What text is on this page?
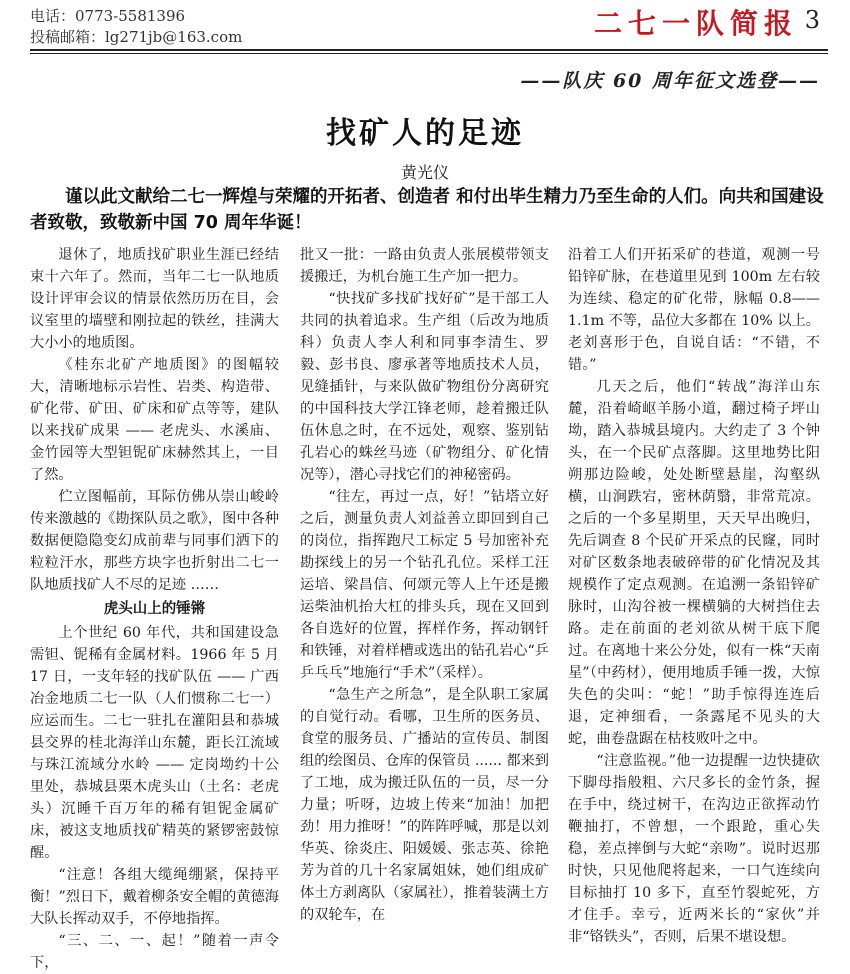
电话：0773-5581396
投稿邮箱：lg271jb@163.com	二七一队简报 3
——队庆 60 周年征文选登——
找矿人的足迹
黄光仪
谨以此文献给二七一辉煌与荣耀的开拓者、创造者 和付出毕生精力乃至生命的人们。向共和国建设者致敬，致敬新中国 70 周年华诞！

退休了，地质找矿职业生涯已经结束十六年了。然而，当年二七一队地质设计评审会议的情景依然历历在目，会议室里的墙壁和刚拉起的铁丝，挂满大大小小的地质图。

《桂东北矿产地质图》的图幅较大，清晰地标示岩性、岩类、构造带、矿化带、矿田、矿床和矿点等等，建队以来找矿成果 —— 老虎头、水溪庙、金竹园等大型钽铌矿床赫然其上，一目了然。

伫立图幅前，耳际仿佛从崇山峻岭传来激越的《勘探队员之歌》，图中各种数据便隐隐变幻成前辈与同事们洒下的粒粒汗水，那些方块字也折射出二七一队地质找矿人不尽的足迹 ……

虎头山上的锤锵

上个世纪 60 年代，共和国建设急需钽、铌稀有金属材料。1966 年 5 月 17 日，一支年轻的找矿队伍 —— 广西冶金地质二七一队（人们惯称二七一）应运而生。二七一驻扎在灌阳县和恭城县交界的桂北海洋山东麓，距长江流域与珠江流域分水岭 —— 定岗坳约十公里处，恭城县栗木虎头山（土名：老虎头）沉睡千百万年的稀有钽铌金属矿床，被这支地质找矿精英的紧锣密鼓惊醒。

“注意！各组大缆绳绷紧，保持平衡！”烈日下，戴着柳条安全帽的黄德海大队长挥动双手，不停地指挥。

“三、二、一、起！”随着一声令下，

批又一批：一路由负责人张展模带领支援搬迁，为机台施工生产加一把力。

“快找矿多找矿找好矿”是干部工人共同的执着追求。生产组（后改为地质科）负责人李人利和同事李清生、罗毅、彭书良、廖承著等地质技术人员，见缝插针，与来队做矿物组份分离研究的中国科技大学江锋老师，趁着搬迁队伍休息之时，在不远处，观察、鉴别钻孔岩心的蛛丝马迹（矿物组分、矿化情况等），潜心寻找它们的神秘密码。

“往左，再过一点，好！”钻塔立好之后，测量负责人刘益善立即回到自己的岗位，指挥跑尺工标定 5 号加密补充勘探线上的另一个钻孔孔位。采样工汪运培、梁昌信、何颂元等人上午还是搬运柴油机抬大杠的排头兵，现在又回到各自选好的位置，挥样作务，挥动钢钎和铁锤，对着样槽或选出的钻孔岩心“乒乒乓乓”地施行“手术”（采样）。

“急生产之所急”，是全队职工家属的自觉行动。看哪，卫生所的医务员、食堂的服务员、广播站的宣传员、制图组的绘图员、仓库的保管员 ...... 都来到了工地，成为搬迁队伍的一员，尽一分力量；听呀，边坡上传来“加油！加把劲！用力推呀！”的阵阵呼喊，那是以刘华英、徐炎庄、阳媛媛、张志英、徐艳芳为首的几十名家属姐妹，她们组成矿体土方剥离队（家属社），推着装满土方的双轮车，在

沿着工人们开拓采矿的巷道，观测一号铅锌矿脉，在巷道里见到 100m 左右较为连续、稳定的矿化带，脉幅 0.8——1.1m 不等，品位大多都在 10% 以上。老刘喜形于色，自说自话：“不错，不错。”

几天之后，他们“转战”海洋山东麓，沿着崎岖羊肠小道，翻过椅子坪山坳，踏入恭城县境内。大约走了 3 个钟头，在一个民矿点落脚。这里地势比阳朔那边险峻，处处断壁悬崖，沟壑纵横，山涧跌宕，密林荫翳，非常荒凉。之后的一个多星期里，天天早出晚归，先后调查 8 个民矿开采点的民窿，同时对矿区数条地表破碎带的矿化情况及其规模作了定点观测。在追溯一条铅锌矿脉时，山沟谷被一棵横躺的大树挡住去路。走在前面的老刘欲从树干底下爬过。在离地十来公分处，似有一株“天南星”（中药材），便用地质手锤一拨，大惊失色的尖叫：“蛇！”助手惊得连连后退，定神细看，一条露尾不见头的大蛇，曲卷盘踞在枯枝败叶之中。

“注意监视。”他一边提醒一边快捷砍下脚母指般粗、六尺多长的金竹条，握在手中，绕过树干，在沟边正欲挥动竹鞭抽打，不曾想，一个跟跄，重心失稳，差点摔倒与大蛇“亲吻”。说时迟那时快，只见他爬将起来，一口气连续向目标抽打 10 多下，直至竹裂蛇死，方才住手。幸亏，近两米长的“家伙”并非“铬铁头”，否则，后果不堪设想。
